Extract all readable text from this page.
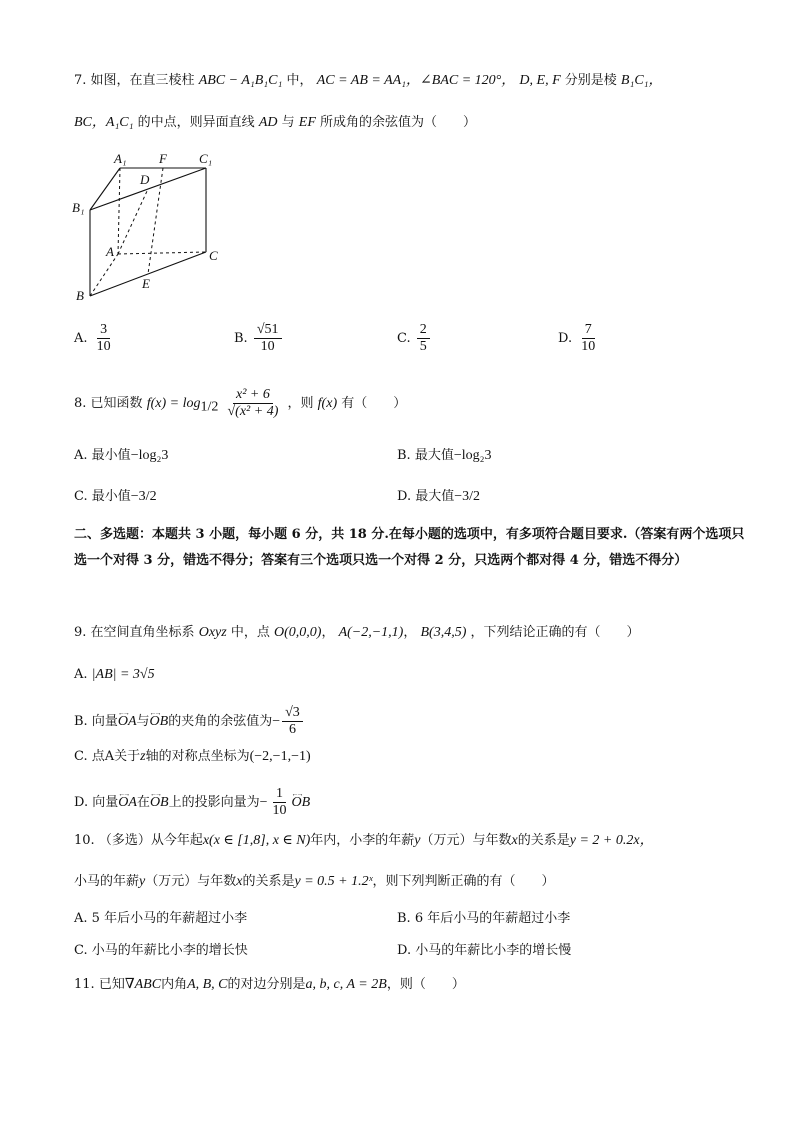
7. 如图，在直三棱柱 ABC − A₁B₁C₁ 中， AC = AB = AA₁，∠BAC = 120°， D, E, F 分别是棱 B₁C₁，
BC，A₁C₁ 的中点，则异面直线 AD 与 EF 所成角的余弦值为（　　）
A₁	F C₁
D
B₁
A	C
E
B
A. $\frac{3}{10}$	B. $\frac{√51}{10}$	C. $\frac{2}{5}$	D. $\frac{7}{10}$
8. 已知函数 $f(x) = \log_{1/2} \frac{\text{x² + 6}}{\text{√(x² + 4)}}$ ，则 f(x) 有（　　）
A. 最小值−log₂3	B. 最大值−log₂3
C. 最小值−3/2	D. 最大值−3/2
二、多选题：本题共 3 小题，每小题 6 分，共 18 分.在每小题的选项中，有多项符合题目要求.（答案有两个选项只选一个对得 3 分，错选不得分；答案有三个选项只选一个对得 2 分，只选两个都对得 4 分，错选不得分）
9. 在空间直角坐标系 Oxyz 中，点 O(0,0,0)， A(−2,−1,1)， B(3,4,5) ，下列结论正确的有（　　）
A. |AB| = 3√5
B. 向量←→ OA与←→ OB的夹角的余弦值为− $\frac{√3}{6}$
C. 点A关于z轴的对称点坐标为(−2,−1,−1)
D. 向量←→ OA在←→ OB上的投影向量为− $\frac{1}{10}$
←→ OB
10. （多选）从今年起x(x ∈ [1,8], x ∈ N)年内，小李的年薪y（万元）与年数x的关系是y = 2 + 0.2x，
小马的年薪y（万元）与年数x的关系是y = 0.5 + 1.2ˣ，则下列判断正确的有（　　）
A. 5 年后小马的年薪超过小李	B. 6 年后小马的年薪超过小李
C. 小马的年薪比小李的增长快	D. 小马的年薪比小李的增长慢
11. 已知∇ABC内角A, B, C的对边分别是a, b, c, A = 2B，则（　　）
